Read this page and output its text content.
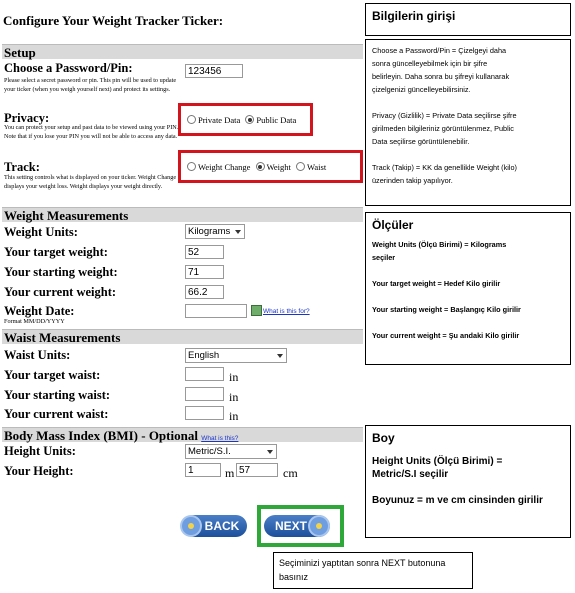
Configure Your Weight Tracker Ticker:
Setup
Choose a Password/Pin:
Please select a secret password or pin. This pin will be used to update your ticker (when you weigh yourself next) and protect its settings.
123456
Privacy:
You can protect your setup and past data to be viewed using your PIN. Note that if you lose your PIN you will not be able to access any data.
Private Data Public Data
Track:
This setting controls what is displayed on your ticker. Weight Change displays your weight loss. Weight displays your weight directly.
Weight Change Weight Waist
Weight Measurements
Weight Units:	Kilograms
Your target weight:	52
Your starting weight:	71
Your current weight:	66.2
Weight Date:
Format MM/DD/YYYY
What is this for?
Waist Measurements
Waist Units:	English
Your target waist:	in
Your starting waist:	in
Your current waist:	in
Body Mass Index (BMI) - Optional What is this?
Height Units:	Metric/S.I.
Your Height:	1	m 57	cm
BACK	NEXT
Bilgilerin girişi

Choose a Password/Pin = Çizelgeyi daha

sonra güncelleyebilmek için bir şifre

belirleyin. Daha sonra bu şifreyi kullanarak

çizelgenizi güncelleyebilirsiniz.

Privacy (Gizlilik) = Private Data seçilirse şifre

girilmeden bilgileriniz görüntülenmez, Public

Data seçilirse görüntülenebilir.

Track (Takip) = KK da genellikle Weight (kilo)

üzerinden takip yapılıyor.

Ölçüler

Weight Units (Ölçü Birimi) = Kilograms

seçiler

Your target weight = Hedef Kilo girilir

Your starting weight = Başlangıç Kilo girilir

Your current weight = Şu andaki Kilo girilir

Boy
Height Units (Ölçü Birimi) =
Metric/S.I seçilir
Boyunuz = m ve cm cinsinden girilir
Seçiminizi yaptıtan sonra NEXT butonuna basınız
